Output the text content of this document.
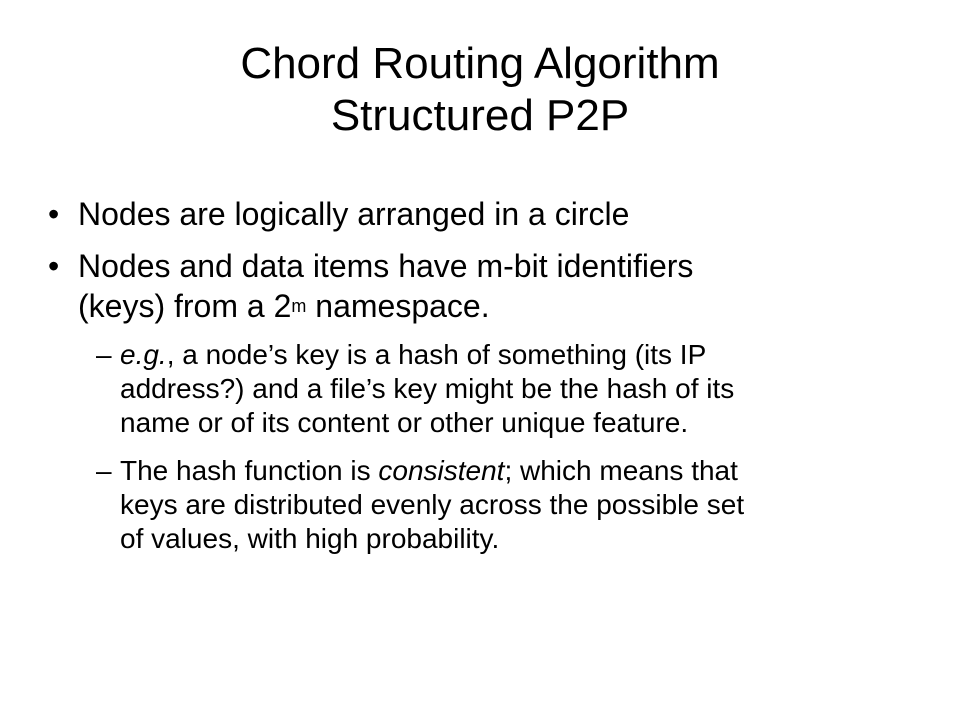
Chord Routing Algorithm
Structured P2P
• Nodes are logically arranged in a circle
• Nodes and data items have m-bit identifiers
(keys) from a 2$^m$ namespace.
– e.g., a node’s key is a hash of something (its IP
address?) and a file’s key might be the hash of its
name or of its content or other unique feature.
– The hash function is consistent; which means that
keys are distributed evenly across the possible set
of values, with high probability.
